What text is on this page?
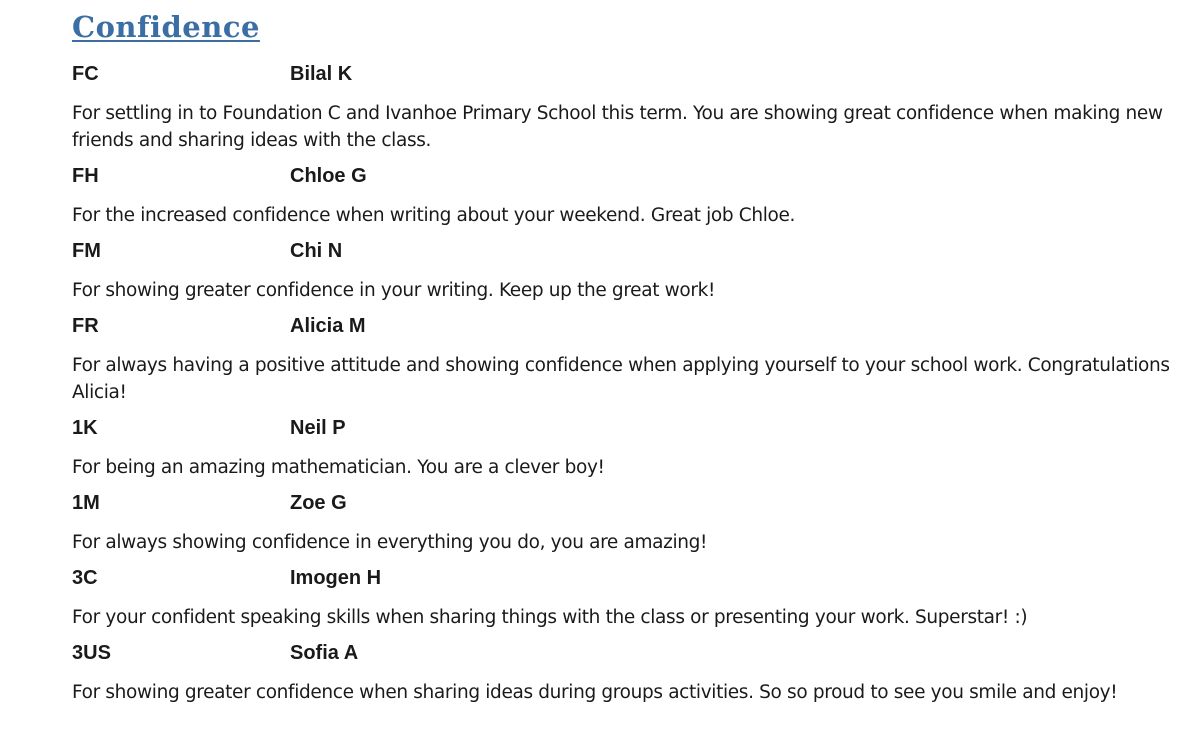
Confidence
FC	Bilal K

For settling in to Foundation C and Ivanhoe Primary School this term. You are showing great confidence when making new friends and sharing ideas with the class.

FH	Chloe G

For the increased confidence when writing about your weekend. Great job Chloe.

FM	Chi N

For showing greater confidence in your writing. Keep up the great work!

FR	Alicia M

For always having a positive attitude and showing confidence when applying yourself to your school work. Congratulations Alicia!

1K	Neil P

For being an amazing mathematician. You are a clever boy!

1M	Zoe G

For always showing confidence in everything you do, you are amazing!

3C	Imogen H

For your confident speaking skills when sharing things with the class or presenting your work. Superstar! :)

3US	Sofia A

For showing greater confidence when sharing ideas during groups activities. So so proud to see you smile and enjoy!
